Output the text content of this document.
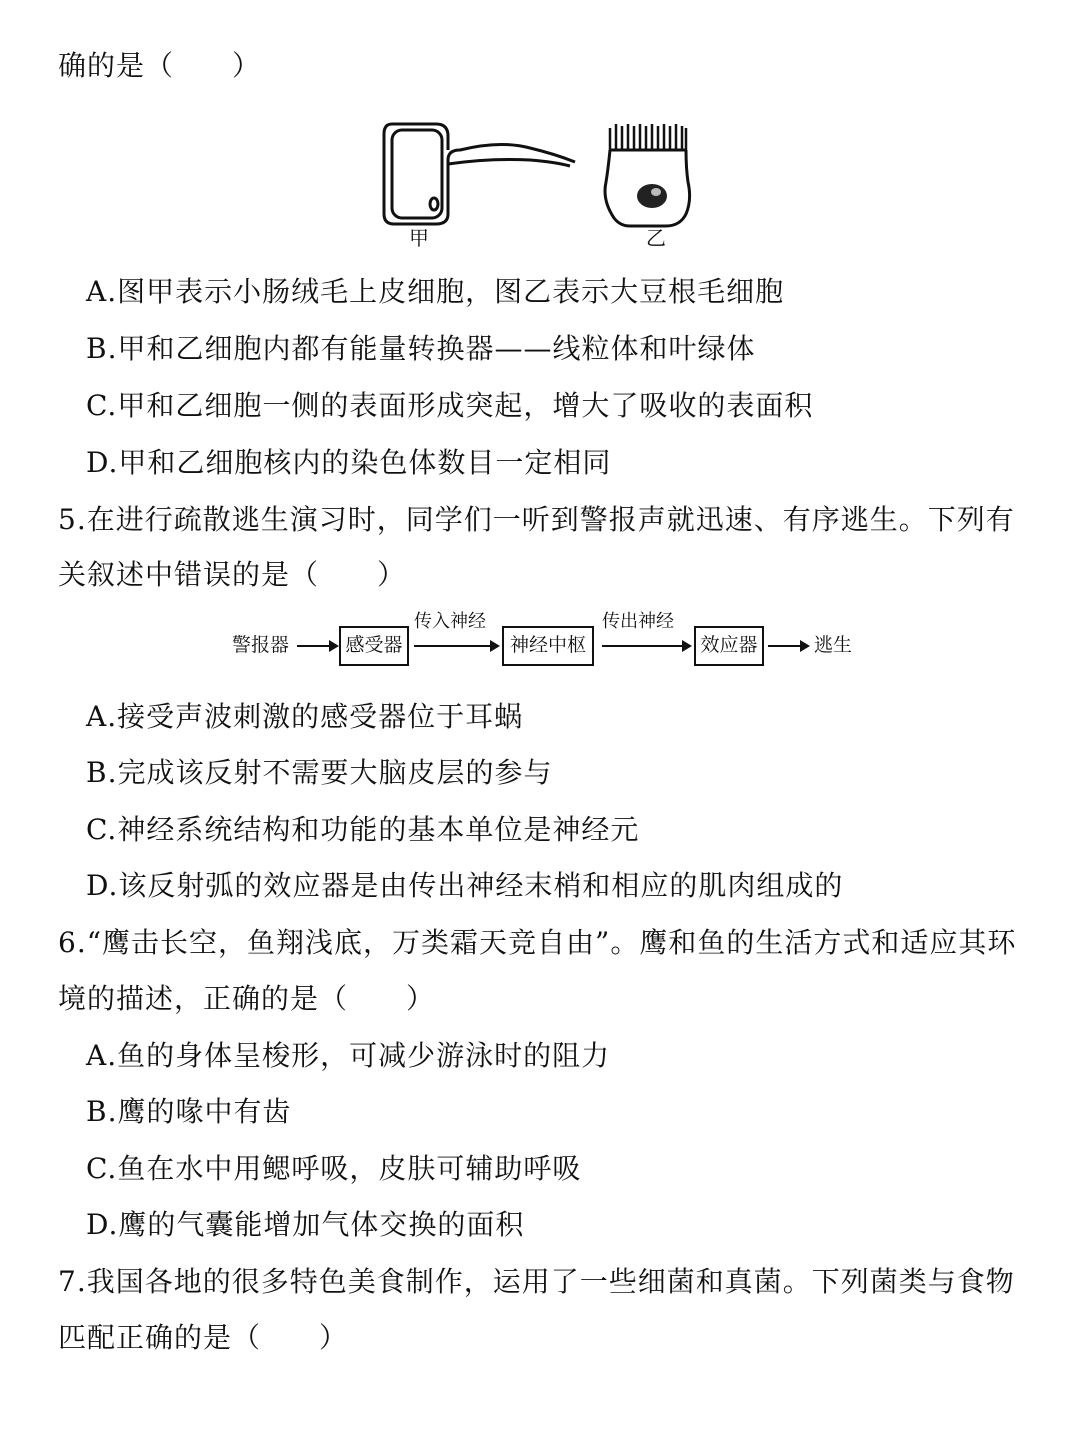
确的是（　　）
甲	乙
A.图甲表示小肠绒毛上皮细胞，图乙表示大豆根毛细胞
B.甲和乙细胞内都有能量转换器——线粒体和叶绿体
C.甲和乙细胞一侧的表面形成突起，增大了吸收的表面积
D.甲和乙细胞核内的染色体数目一定相同
5.在进行疏散逃生演习时，同学们一听到警报声就迅速、有序逃生。下列有
关叙述中错误的是（　　）
警报器	感受器
传入神经
神经中枢
传出神经
效应器	逃生
A.接受声波刺激的感受器位于耳蜗
B.完成该反射不需要大脑皮层的参与
C.神经系统结构和功能的基本单位是神经元
D.该反射弧的效应器是由传出神经末梢和相应的肌肉组成的
6.“鹰击长空，鱼翔浅底，万类霜天竞自由”。鹰和鱼的生活方式和适应其环
境的描述，正确的是（　　）
A.鱼的身体呈梭形，可减少游泳时的阻力
B.鹰的喙中有齿
C.鱼在水中用鳃呼吸，皮肤可辅助呼吸
D.鹰的气囊能增加气体交换的面积
7.我国各地的很多特色美食制作，运用了一些细菌和真菌。下列菌类与食物
匹配正确的是（　　）
